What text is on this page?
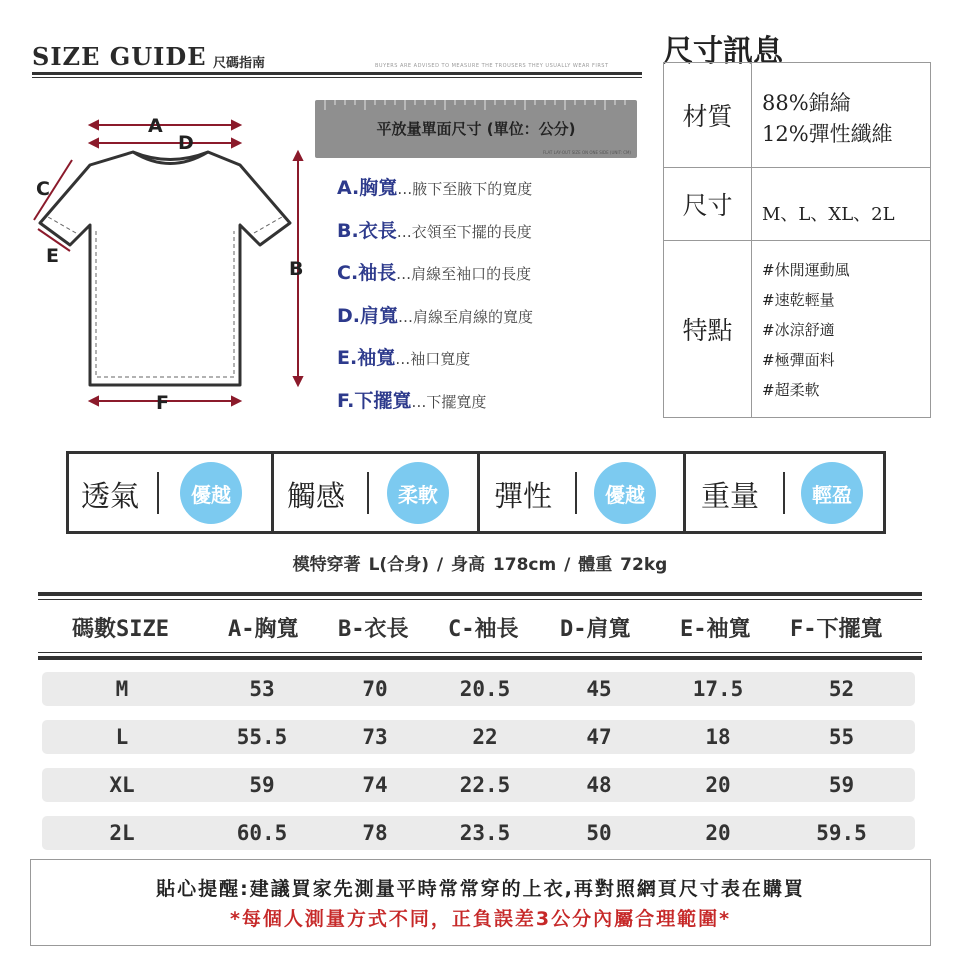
SIZE GUIDE 尺碼指南	BUYERS ARE ADVISED TO MEASURE THE TROUSERS THEY USUALLY WEAR FIRST
A
D
C
E
B
F
平放量單面尺寸 (單位：公分)
FLAT LAY-OUT SIZE ON ONE SIDE (UNIT: CM)
A.胸寬…腋下至腋下的寬度
B.衣長…衣領至下擺的長度
C.袖長…肩線至袖口的長度
D.肩寬…肩線至肩線的寬度
E.袖寬…袖口寬度
F.下擺寬…下擺寬度
尺寸訊息
材質	88%錦綸
12%彈性纖維
尺寸	M、L、XL、2L
特點
#休閒運動風
#速乾輕量
#冰涼舒適
#極彈面料
#超柔軟
透氣	優越	觸感	柔軟	彈性	優越	重量	輕盈
模特穿著 L(合身) / 身高 178cm / 體重 72kg
碼數SIZE	A-胸寬 B-衣長 C-袖長 D-肩寬 E-袖寬 F-下擺寬
M	53	70	20.5	45	17.5	52
L	55.5	73	22	47	18	55
XL	59	74	22.5	48	20	59
2L	60.5	78	23.5	50	20	59.5
貼心提醒:建議買家先測量平時常常穿的上衣,再對照網頁尺寸表在購買
*每個人測量方式不同，正負誤差3公分內屬合理範圍*
